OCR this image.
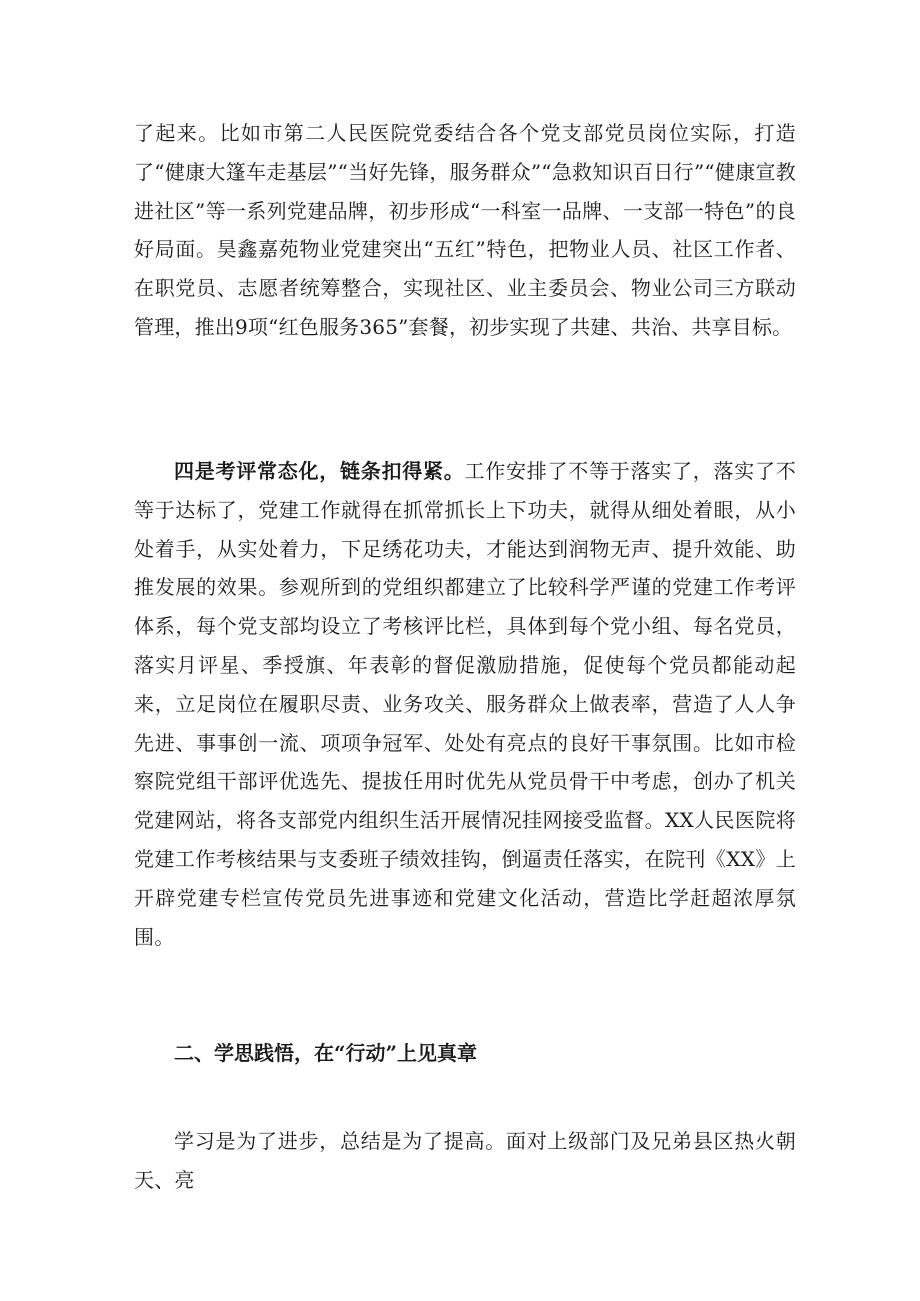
了起来。比如市第二人民医院党委结合各个党支部党员岗位实际，打造了“健康大篷车走基层”“当好先锋，服务群众”“急救知识百日行”“健康宣教进社区”等一系列党建品牌，初步形成“一科室一品牌、一支部一特色”的良好局面。昊鑫嘉苑物业党建突出“五红”特色，把物业人员、社区工作者、在职党员、志愿者统筹整合，实现社区、业主委员会、物业公司三方联动管理，推出9项“红色服务365”套餐，初步实现了共建、共治、共享目标。

四是考评常态化，链条扣得紧。工作安排了不等于落实了，落实了不等于达标了，党建工作就得在抓常抓长上下功夫，就得从细处着眼，从小处着手，从实处着力，下足绣花功夫，才能达到润物无声、提升效能、助推发展的效果。参观所到的党组织都建立了比较科学严谨的党建工作考评体系，每个党支部均设立了考核评比栏，具体到每个党小组、每名党员，落实月评星、季授旗、年表彰的督促激励措施，促使每个党员都能动起来，立足岗位在履职尽责、业务攻关、服务群众上做表率，营造了人人争先进、事事创一流、项项争冠军、处处有亮点的良好干事氛围。比如市检察院党组干部评优选先、提拔任用时优先从党员骨干中考虑，创办了机关党建网站，将各支部党内组织生活开展情况挂网接受监督。XX人民医院将党建工作考核结果与支委班子绩效挂钩，倒逼责任落实，在院刊《XX》上开辟党建专栏宣传党员先进事迹和党建文化活动，营造比学赶超浓厚氛围。

二、学思践悟，在“行动”上见真章

学习是为了进步，总结是为了提高。面对上级部门及兄弟县区热火朝天、亮
